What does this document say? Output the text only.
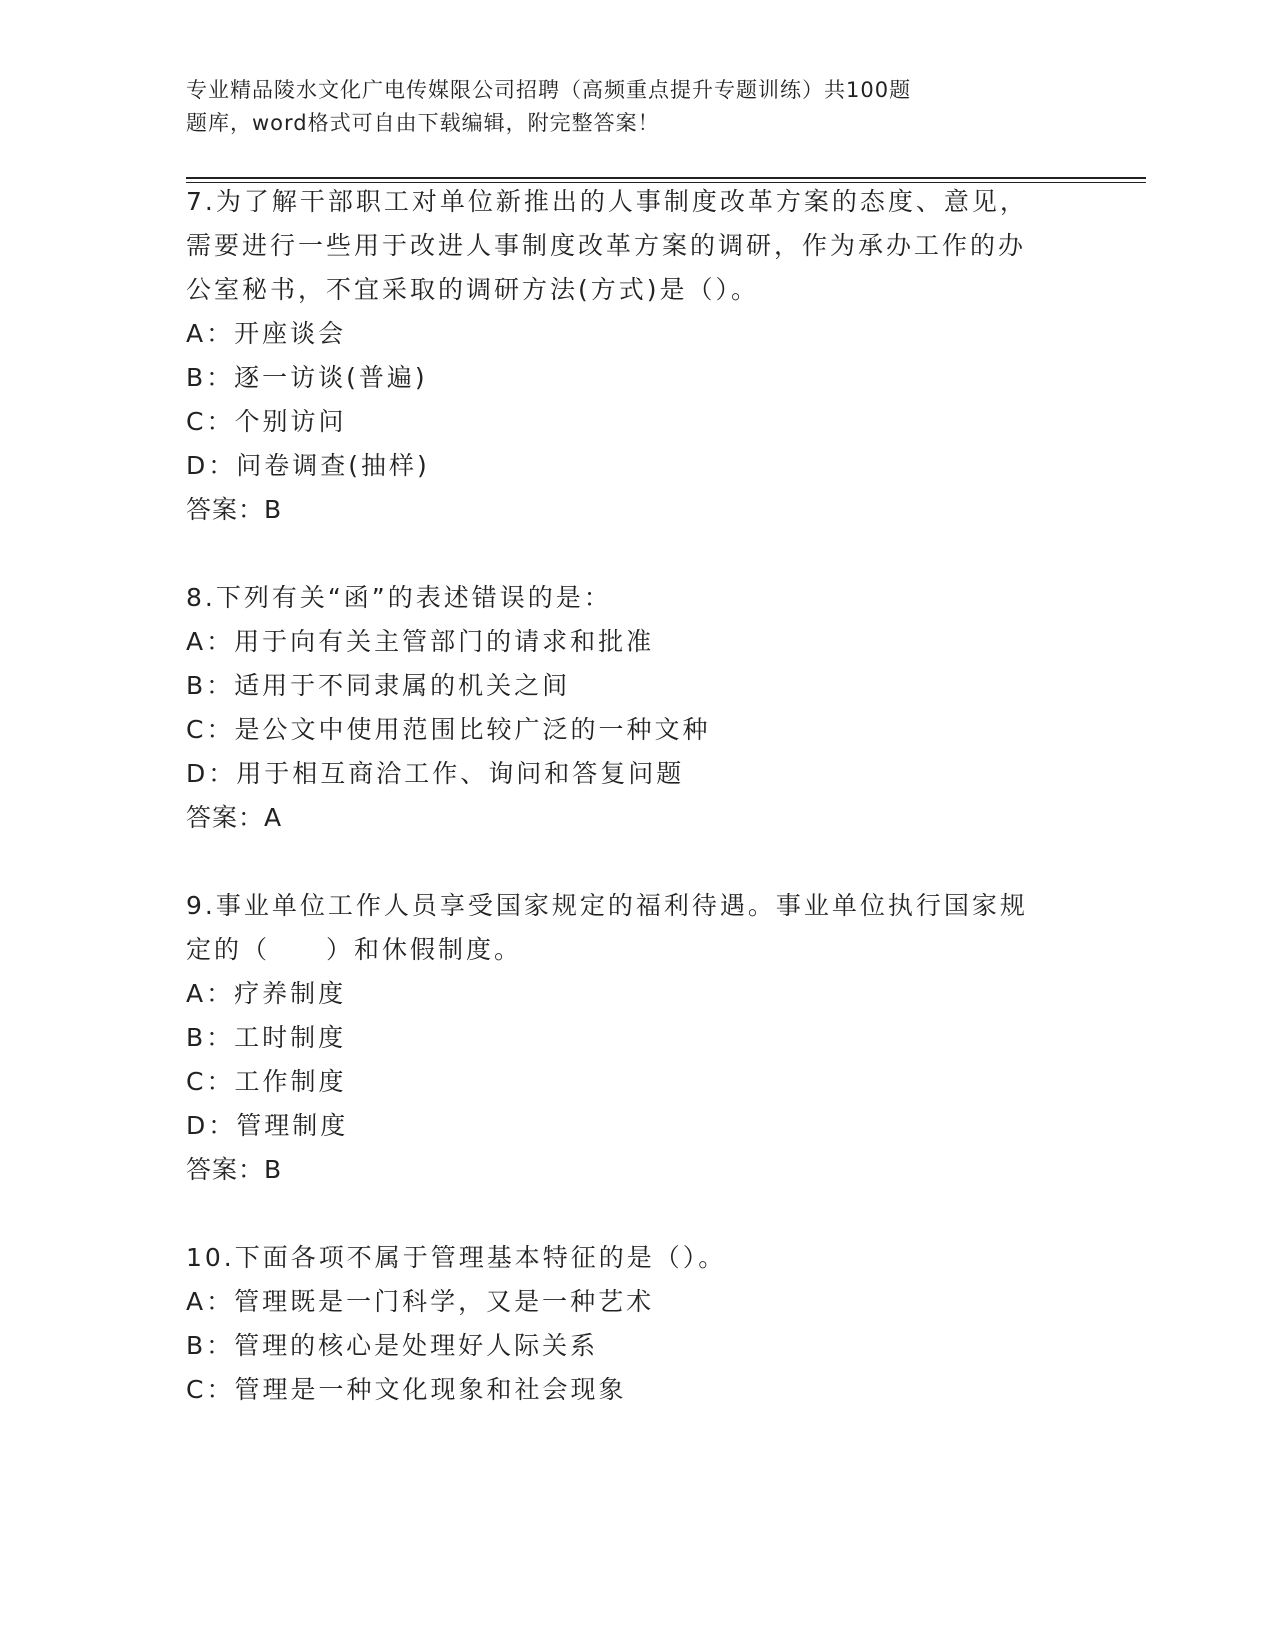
专业精品陵水文化广电传媒限公司招聘（高频重点提升专题训练）共100题
题库，word格式可自由下载编辑，附完整答案！
7.为了解干部职工对单位新推出的人事制度改革方案的态度、意见，
需要进行一些用于改进人事制度改革方案的调研，作为承办工作的办
公室秘书，不宜采取的调研方法(方式)是（）。
A：开座谈会
B：逐一访谈(普遍)
C：个别访问
D：问卷调查(抽样)
答案：B
8.下列有关“函”的表述错误的是：
A：用于向有关主管部门的请求和批准
B：适用于不同隶属的机关之间
C：是公文中使用范围比较广泛的一种文种
D：用于相互商洽工作、询问和答复问题
答案：A
9.事业单位工作人员享受国家规定的福利待遇。事业单位执行国家规
定的（　　）和休假制度。
A：疗养制度
B：工时制度
C：工作制度
D：管理制度
答案：B
10.下面各项不属于管理基本特征的是（）。
A：管理既是一门科学，又是一种艺术
B：管理的核心是处理好人际关系
C：管理是一种文化现象和社会现象
